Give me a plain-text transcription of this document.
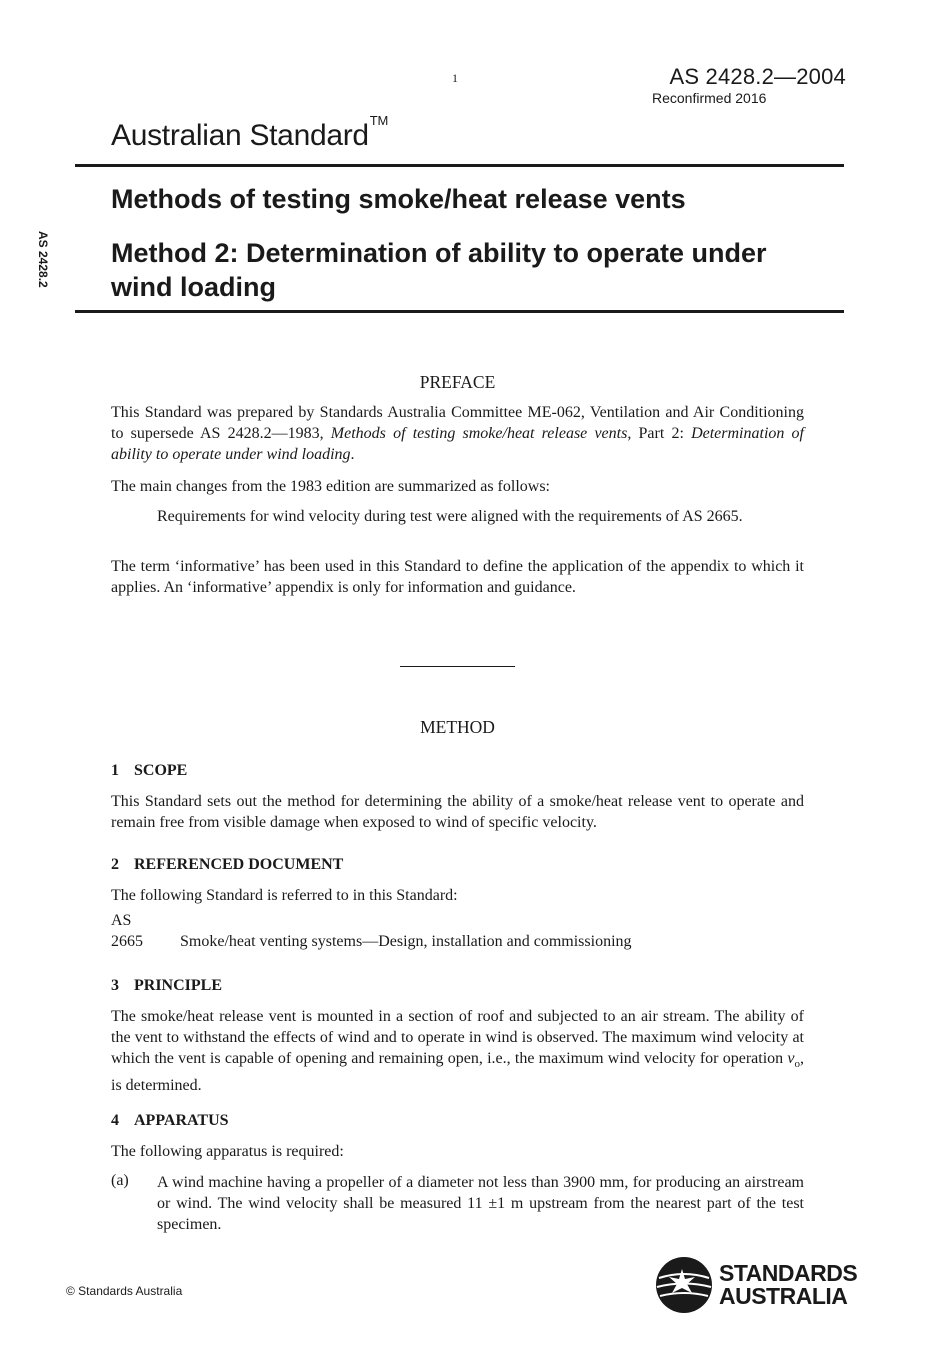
1	AS 2428.2—2004
Reconfirmed 2016
Australian Standard™
AS 2428.2
Methods of testing smoke/heat release vents
Method 2: Determination of ability to operate under wind loading
PREFACE
This Standard was prepared by Standards Australia Committee ME-062, Ventilation and Air Conditioning to supersede AS 2428.2—1983, Methods of testing smoke/heat release vents, Part 2: Determination of ability to operate under wind loading.
The main changes from the 1983 edition are summarized as follows:
Requirements for wind velocity during test were aligned with the requirements of AS 2665.
The term ‘informative’ has been used in this Standard to define the application of the appendix to which it applies. An ‘informative’ appendix is only for information and guidance.
METHOD
1 SCOPE
This Standard sets out the method for determining the ability of a smoke/heat release vent to operate and remain free from visible damage when exposed to wind of specific velocity.
2 REFERENCED DOCUMENT
The following Standard is referred to in this Standard:
AS
2665 Smoke/heat venting systems—Design, installation and commissioning
3 PRINCIPLE
The smoke/heat release vent is mounted in a section of roof and subjected to an air stream. The ability of the vent to withstand the effects of wind and to operate in wind is observed. The maximum wind velocity at which the vent is capable of opening and remaining open, i.e., the maximum wind velocity for operation $v_o$, is determined.
4 APPARATUS
The following apparatus is required:
(a) A wind machine having a propeller of a diameter not less than 3900 mm, for producing an airstream or wind. The wind velocity shall be measured 11 ±1 m upstream from the nearest part of the test specimen.
© Standards Australia
STANDARDS
AUSTRALIA
